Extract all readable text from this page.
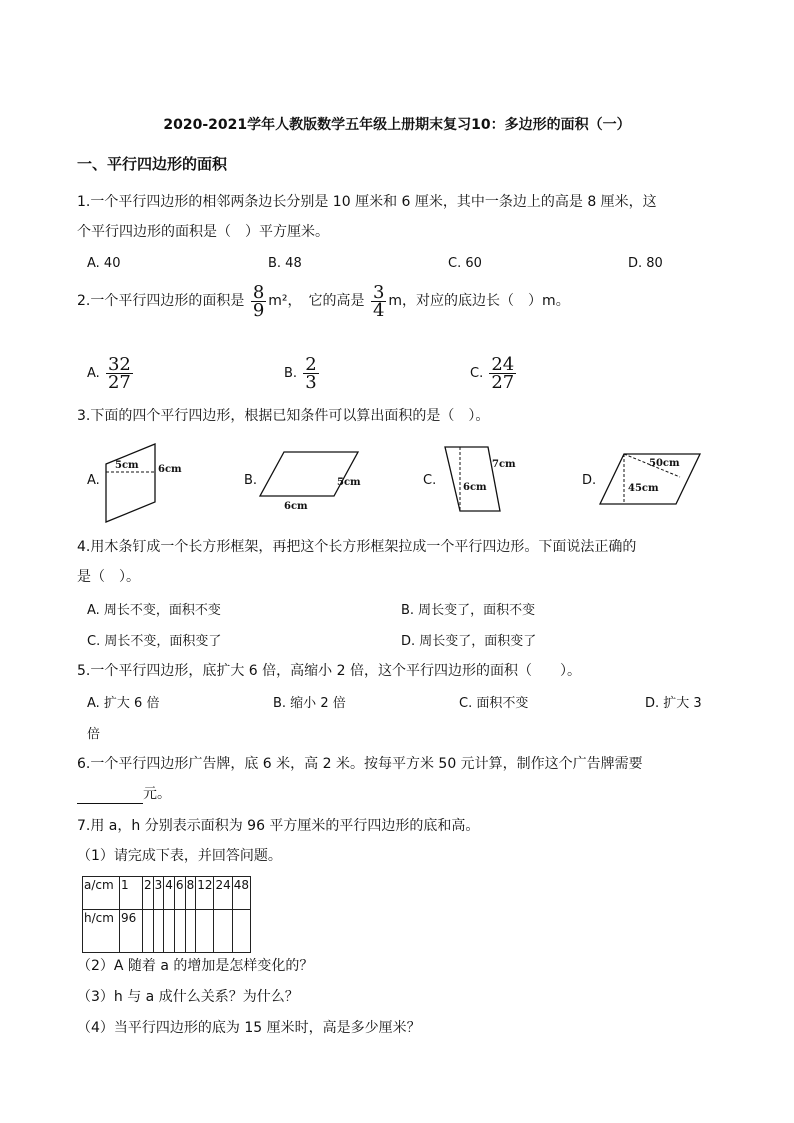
2020-2021学年人教版数学五年级上册期末复习10：多边形的面积（一）
一、平行四边形的面积
1.一个平行四边形的相邻两条边长分别是 10 厘米和 6 厘米，其中一条边上的高是 8 厘米，这
个平行四边形的面积是（　）平方厘米。
A. 40	B. 48	C. 60	D. 80
2.一个平行四边形的面积是 $\frac{8}{9} m^2$，　它的高是 $\frac{3}{4}$ m，对应的底边长（　）m。
A. $\frac{32}{27}$	B. $\frac{2}{3}$	C. $\frac{24}{27}$
3.下面的四个平行四边形，根据已知条件可以算出面积的是（　）。
A.
5cm 6cm
B.	5cm
6cm
C.
7cm
6cm	D.
50cm
45cm
4.用木条钉成一个长方形框架，再把这个长方形框架拉成一个平行四边形。下面说法正确的
是（　）。
A. 周长不变，面积不变	B. 周长变了，面积不变
C. 周长不变，面积变了	D. 周长变了，面积变了
5.一个平行四边形，底扩大 6 倍，高缩小 2 倍，这个平行四边形的面积（　　）。
A. 扩大 6 倍	B. 缩小 2 倍	C. 面积不变	D. 扩大 3
倍
6.一个平行四边形广告牌，底 6 米，高 2 米。按每平方米 50 元计算，制作这个广告牌需要
元。
7.用 a，h 分别表示面积为 96 平方厘米的平行四边形的底和高。
（1）请完成下表，并回答问题。
a/cm	1	2	3	4	6	8	12	24	48
h/cm	96								
（2）A 随着 a 的增加是怎样变化的？
（3）h 与 a 成什么关系？为什么？
（4）当平行四边形的底为 15 厘米时，高是多少厘米？
